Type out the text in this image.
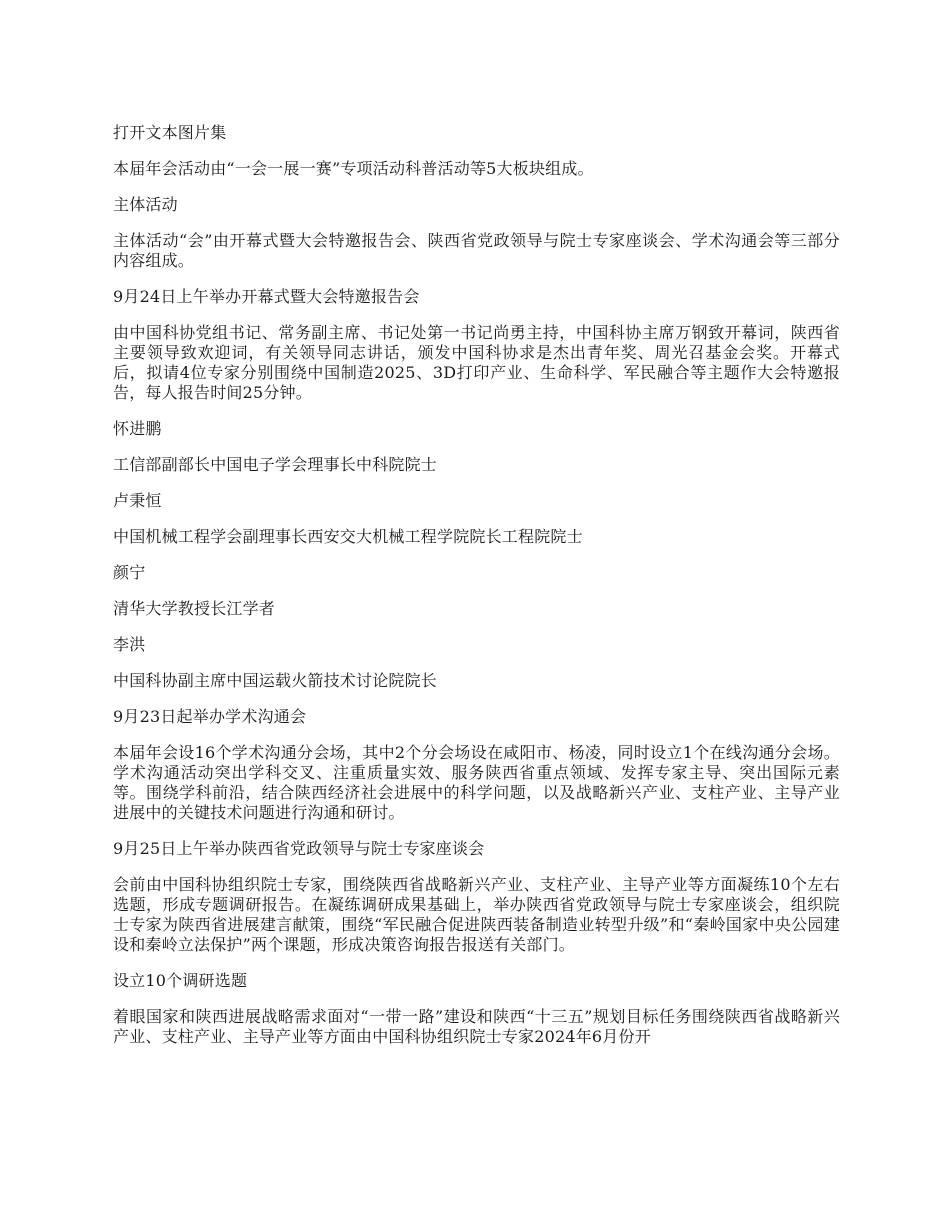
打开文本图片集

本届年会活动由“一会一展一赛”专项活动科普活动等5大板块组成。

主体活动

主体活动“会”由开幕式暨大会特邀报告会、陕西省党政领导与院士专家座谈会、学术沟通会等三部分内容组成。

9月24日上午举办开幕式暨大会特邀报告会

由中国科协党组书记、常务副主席、书记处第一书记尚勇主持，中国科协主席万钢致开幕词，陕西省主要领导致欢迎词，有关领导同志讲话，颁发中国科协求是杰出青年奖、周光召基金会奖。开幕式后，拟请4位专家分别围绕中国制造2025、3D打印产业、生命科学、军民融合等主题作大会特邀报告，每人报告时间25分钟。

怀进鹏

工信部副部长中国电子学会理事长中科院院士

卢秉恒

中国机械工程学会副理事长西安交大机械工程学院院长工程院院士

颜宁

清华大学教授长江学者

李洪

中国科协副主席中国运载火箭技术讨论院院长

9月23日起举办学术沟通会

本届年会设16个学术沟通分会场，其中2个分会场设在咸阳市、杨凌，同时设立1个在线沟通分会场。学术沟通活动突出学科交叉、注重质量实效、服务陕西省重点领域、发挥专家主导、突出国际元素等。围绕学科前沿，结合陕西经济社会进展中的科学问题，以及战略新兴产业、支柱产业、主导产业进展中的关键技术问题进行沟通和研讨。

9月25日上午举办陕西省党政领导与院士专家座谈会

会前由中国科协组织院士专家，围绕陕西省战略新兴产业、支柱产业、主导产业等方面凝练10个左右选题，形成专题调研报告。在凝练调研成果基础上，举办陕西省党政领导与院士专家座谈会，组织院士专家为陕西省进展建言献策，围绕“军民融合促进陕西装备制造业转型升级”和“秦岭国家中央公园建设和秦岭立法保护”两个课题，形成决策咨询报告报送有关部门。

设立10个调研选题

着眼国家和陕西进展战略需求面对“一带一路”建设和陕西“十三五”规划目标任务围绕陕西省战略新兴产业、支柱产业、主导产业等方面由中国科协组织院士专家2024年6月份开
